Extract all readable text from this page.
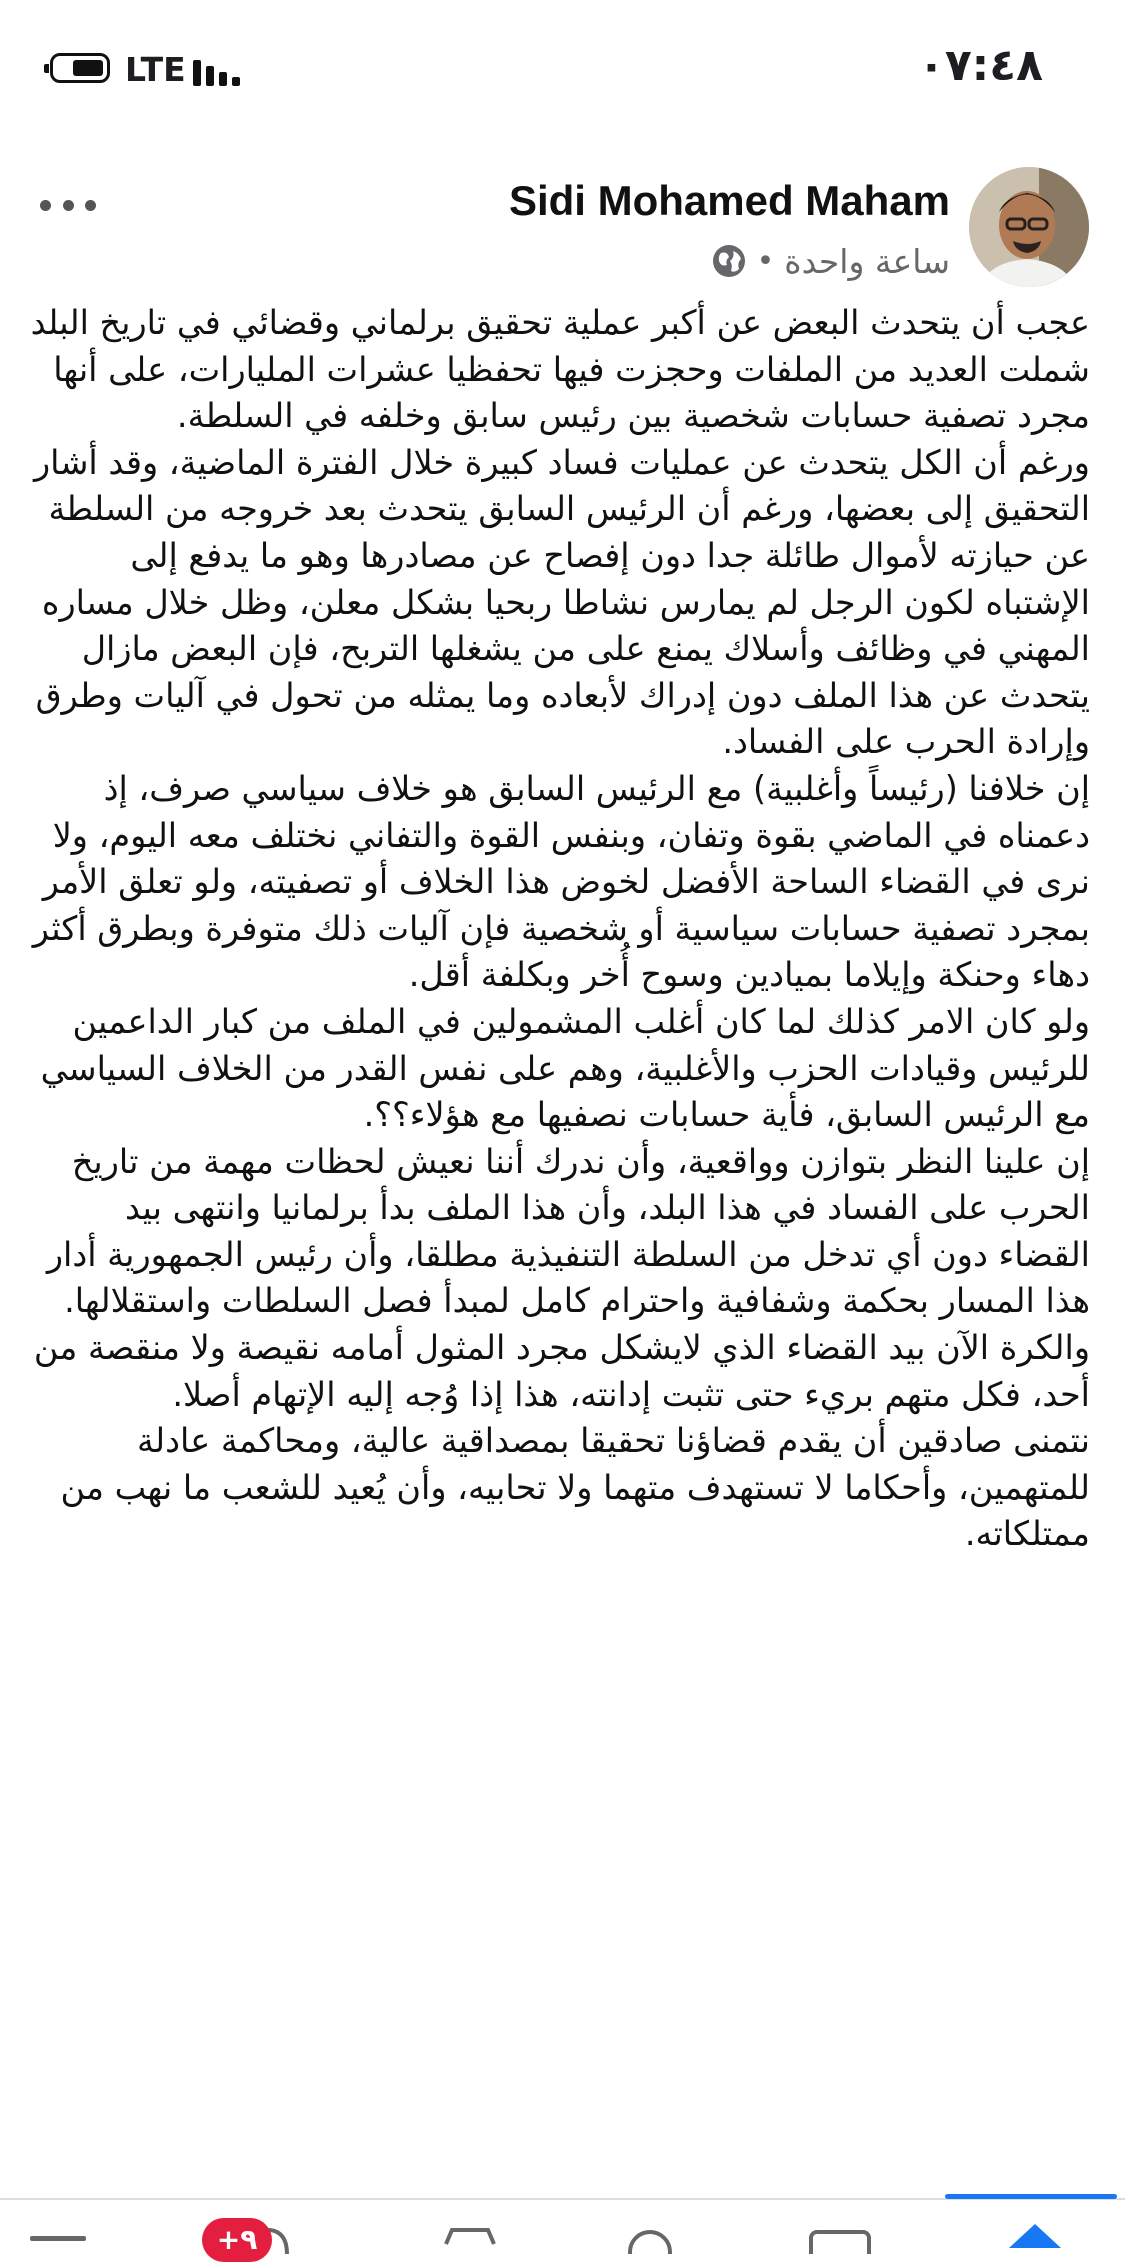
LTE	٠٧:٤٨
Sidi Mohamed Maham
ساعة واحدة
•

عجب أن يتحدث البعض عن أكبر عملية تحقيق برلماني وقضائي في تاريخ البلد شملت العديد من الملفات وحجزت فيها تحفظيا عشرات المليارات، على أنها مجرد تصفية حسابات شخصية بين رئيس سابق وخلفه في السلطة.

ورغم أن الكل يتحدث عن عمليات فساد كبيرة خلال الفترة الماضية، وقد أشار التحقيق إلى بعضها، ورغم أن الرئيس السابق يتحدث بعد خروجه من السلطة عن حيازته لأموال طائلة جدا دون إفصاح عن مصادرها وهو ما يدفع إلى الإشتباه لكون الرجل لم يمارس نشاطا ربحيا بشكل معلن، وظل خلال مساره المهني في وظائف وأسلاك يمنع على من يشغلها التربح، فإن البعض مازال يتحدث عن هذا الملف دون إدراك لأبعاده وما يمثله من تحول في آليات وطرق وإرادة الحرب على الفساد.

إن خلافنا (رئيساً وأغلبية) مع الرئيس السابق هو خلاف سياسي صرف، إذ دعمناه في الماضي بقوة وتفان، وبنفس القوة والتفاني نختلف معه اليوم، ولا نرى في القضاء الساحة الأفضل لخوض هذا الخلاف أو تصفيته، ولو تعلق الأمر بمجرد تصفية حسابات سياسية أو شخصية فإن آليات ذلك متوفرة وبطرق أكثر دهاء وحنكة وإيلاما بميادين وسوح أُخر وبكلفة أقل.

ولو كان الامر كذلك لما كان أغلب المشمولين في الملف من كبار الداعمين للرئيس وقيادات الحزب والأغلبية، وهم على نفس القدر من الخلاف السياسي مع الرئيس السابق، فأية حسابات نصفيها مع هؤلاء؟؟.

إن علينا النظر بتوازن وواقعية، وأن ندرك أننا نعيش لحظات مهمة من تاريخ الحرب على الفساد في هذا البلد، وأن هذا الملف بدأ برلمانيا وانتهى بيد القضاء دون أي تدخل من السلطة التنفيذية مطلقا، وأن رئيس الجمهورية أدار هذا المسار بحكمة وشفافية واحترام كامل لمبدأ فصل السلطات واستقلالها.

والكرة الآن بيد القضاء الذي لايشكل مجرد المثول أمامه نقيصة ولا منقصة من أحد، فكل متهم بريء حتى تثبت إدانته، هذا إذا وُجه إليه الإتهام أصلا.

نتمنى صادقين أن يقدم قضاؤنا تحقيقا بمصداقية عالية، ومحاكمة عادلة للمتهمين، وأحكاما لا تستهدف متهما ولا تحابيه، وأن يُعيد للشعب ما نهب من ممتلكاته.

+٩
